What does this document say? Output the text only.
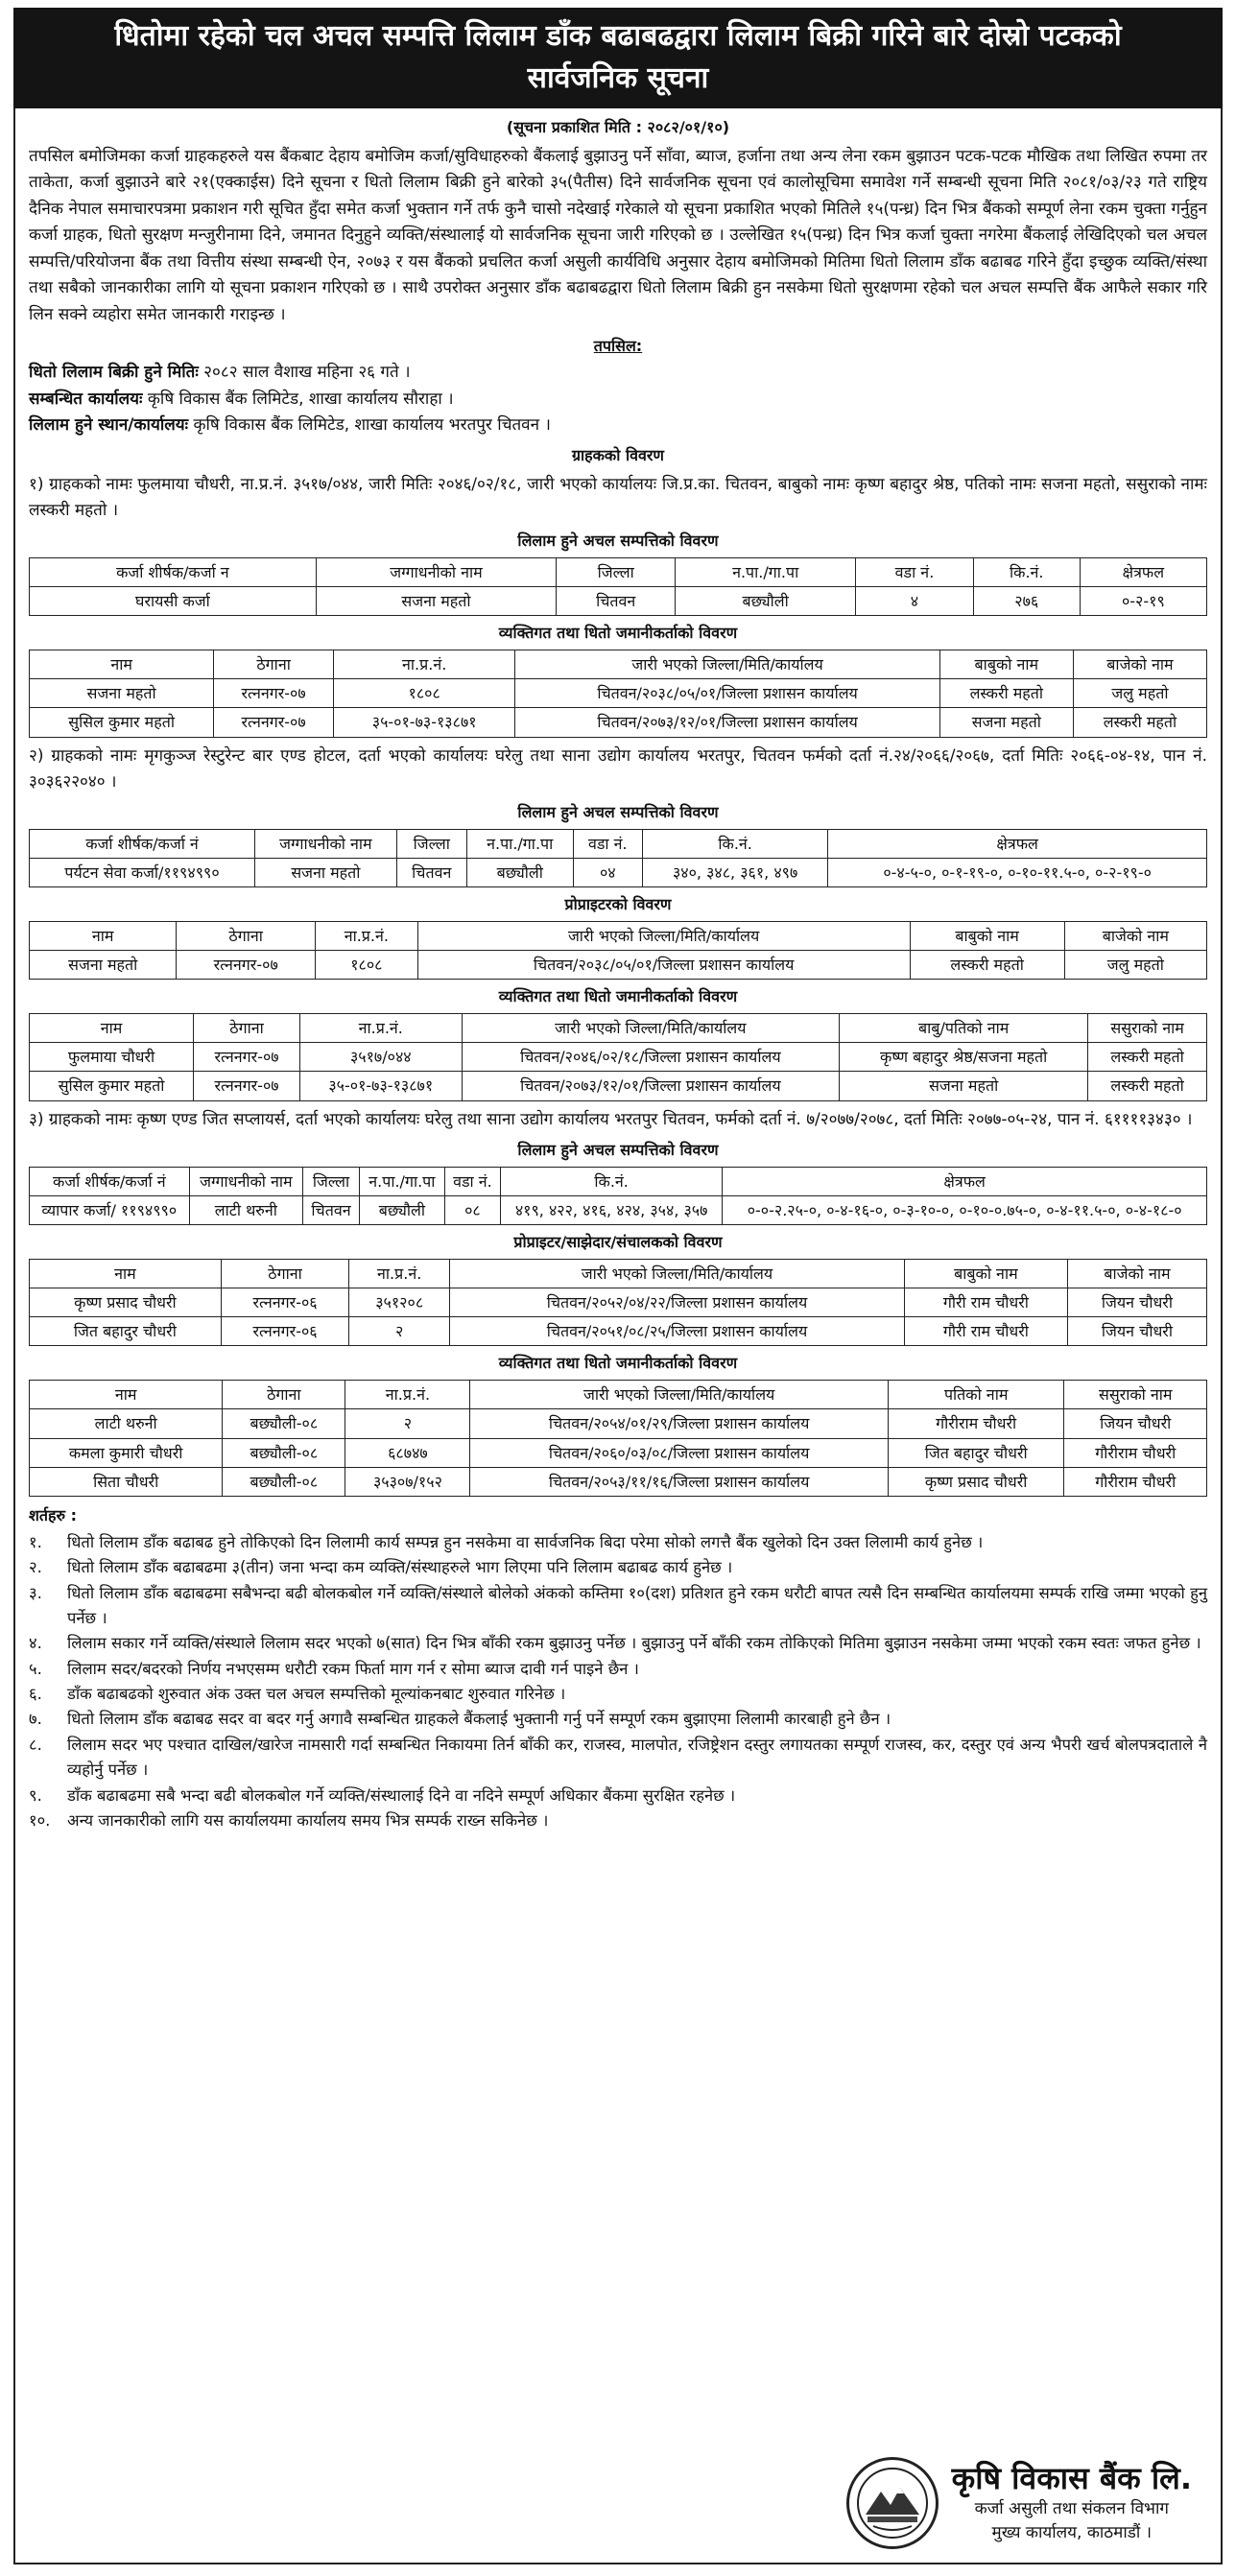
धितोमा रहेको चल अचल सम्पत्ति लिलाम डाँक बढाबढद्वारा लिलाम बिक्री गरिने बारे दोस्रो पटकको
सार्वजनिक सूचना
(सूचना प्रकाशित मिति : २०८२/०१/१०)
तपसिल बमोजिमका कर्जा ग्राहकहरुले यस बैंकबाट देहाय बमोजिम कर्जा/सुविधाहरुको बैंकलाई बुझाउनु पर्ने साँवा, ब्याज, हर्जाना तथा अन्य लेना रकम बुझाउन पटक-पटक मौखिक तथा लिखित रुपमा तर ताकेता, कर्जा बुझाउने बारे २१(एक्काईस) दिने सूचना र धितो लिलाम बिक्री हुने बारेको ३५(पैतीस) दिने सार्वजनिक सूचना एवं कालोसूचिमा समावेश गर्ने सम्बन्धी सूचना मिति २०८१/०३/२३ गते राष्ट्रिय दैनिक नेपाल समाचारपत्रमा प्रकाशन गरी सूचित हुँदा समेत कर्जा भुक्तान गर्ने तर्फ कुनै चासो नदेखाई गरेकाले यो सूचना प्रकाशित भएको मितिले १५(पन्ध्र) दिन भित्र बैंकको सम्पूर्ण लेना रकम चुक्ता गर्नुहुन कर्जा ग्राहक, धितो सुरक्षण मन्जुरीनामा दिने, जमानत दिनुहुने व्यक्ति/संस्थालाई यो सार्वजनिक सूचना जारी गरिएको छ । उल्लेखित १५(पन्ध्र) दिन भित्र कर्जा चुक्ता नगरेमा बैंकलाई लेखिदिएको चल अचल सम्पत्ति/परियोजना बैंक तथा वित्तीय संस्था सम्बन्धी ऐन, २०७३ र यस बैंकको प्रचलित कर्जा असुली कार्यविधि अनुसार देहाय बमोजिमको मितिमा धितो लिलाम डाँक बढाबढ गरिने हुँदा इच्छुक व्यक्ति/संस्था तथा सबैको जानकारीका लागि यो सूचना प्रकाशन गरिएको छ । साथै उपरोक्त अनुसार डाँक बढाबढद्वारा धितो लिलाम बिक्री हुन नसकेमा धितो सुरक्षणमा रहेको चल अचल सम्पत्ति बैंक आफैले सकार गरि लिन सक्ने व्यहोरा समेत जानकारी गराइन्छ ।
तपसिल:
धितो लिलाम बिक्री हुने मितिः २०८२ साल वैशाख महिना २६ गते ।
सम्बन्धित कार्यालयः कृषि विकास बैंक लिमिटेड, शाखा कार्यालय सौराहा ।
लिलाम हुने स्थान/कार्यालयः कृषि विकास बैंक लिमिटेड, शाखा कार्यालय भरतपुर चितवन ।
ग्राहकको विवरण
१) ग्राहकको नामः फुलमाया चौधरी, ना.प्र.नं. ३५१७/०४४, जारी मितिः २०४६/०२/१८, जारी भएको कार्यालयः जि.प्र.का. चितवन, बाबुको नामः कृष्ण बहादुर श्रेष्ठ, पतिको नामः सजना महतो, ससुराको नामः लस्करी महतो ।
लिलाम हुने अचल सम्पत्तिको विवरण
कर्जा शीर्षक/कर्जा न	जग्गाधनीको नाम	जिल्ला	न.पा./गा.पा	वडा नं.	कि.नं.	क्षेत्रफल
घरायसी कर्जा	सजना महतो	चितवन	बछ्यौली	४	२७६	०-२-१९
व्यक्तिगत तथा धितो जमानीकर्ताको विवरण
नाम	ठेगाना	ना.प्र.नं.	जारी भएको जिल्ला/मिति/कार्यालय	बाबुको नाम	बाजेको नाम
सजना महतो	रत्ननगर-०७	१८०८	चितवन/२०३८/०५/०१/जिल्ला प्रशासन कार्यालय	लस्करी महतो	जलु महतो
सुसिल कुमार महतो	रत्ननगर-०७	३५-०१-७३-१३८७१	चितवन/२०७३/१२/०१/जिल्ला प्रशासन कार्यालय	सजना महतो	लस्करी महतो
२) ग्राहकको नामः मृगकुञ्ज रेस्टुरेन्ट बार एण्ड होटल, दर्ता भएको कार्यालयः घरेलु तथा साना उद्योग कार्यालय भरतपुर, चितवन फर्मको दर्ता नं.२४/२०६६/२०६७, दर्ता मितिः २०६६-०४-१४, पान नं. ३०३६२२०४० ।
लिलाम हुने अचल सम्पत्तिको विवरण
कर्जा शीर्षक/कर्जा नं	जग्गाधनीको नाम	जिल्ला	न.पा./गा.पा	वडा नं.	कि.नं.	क्षेत्रफल
पर्यटन सेवा कर्जा/११९४९९०	सजना महतो	चितवन	बछ्यौली	०४	३४०, ३४८, ३६१, ४९७	०-४-५-०, ०-१-१९-०, ०-१०-११.५-०, ०-२-१९-०
प्रोप्राइटरको विवरण
नाम	ठेगाना	ना.प्र.नं.	जारी भएको जिल्ला/मिति/कार्यालय	बाबुको नाम	बाजेको नाम
सजना महतो	रत्ननगर-०७	१८०८	चितवन/२०३८/०५/०१/जिल्ला प्रशासन कार्यालय	लस्करी महतो	जलु महतो
व्यक्तिगत तथा धितो जमानीकर्ताको विवरण
नाम	ठेगाना	ना.प्र.नं.	जारी भएको जिल्ला/मिति/कार्यालय	बाबु/पतिको नाम	ससुराको नाम
फुलमाया चौधरी	रत्ननगर-०७	३५१७/०४४	चितवन/२०४६/०२/१८/जिल्ला प्रशासन कार्यालय	कृष्ण बहादुर श्रेष्ठ/सजना महतो	लस्करी महतो
सुसिल कुमार महतो	रत्ननगर-०७	३५-०१-७३-१३८७१	चितवन/२०७३/१२/०१/जिल्ला प्रशासन कार्यालय	सजना महतो	लस्करी महतो
३) ग्राहकको नामः कृष्ण एण्ड जित सप्लायर्स, दर्ता भएको कार्यालयः घरेलु तथा साना उद्योग कार्यालय भरतपुर चितवन, फर्मको दर्ता नं. ७/२०७७/२०७८, दर्ता मितिः २०७७-०५-२४, पान नं. ६११११३४३० ।
लिलाम हुने अचल सम्पत्तिको विवरण
कर्जा शीर्षक/कर्जा नं	जग्गाधनीको नाम	जिल्ला	न.पा./गा.पा	वडा नं.	कि.नं.	क्षेत्रफल
व्यापार कर्जा/ ११९४९९०	लाटी थरुनी	चितवन	बछ्यौली	०८	४१९, ४२२, ४१६, ४२४, ३५४, ३५७	०-०-२.२५-०, ०-४-१६-०, ०-३-१०-०, ०-१०-०.७५-०, ०-४-११.५-०, ०-४-१८-०
प्रोप्राइटर/साझेदार/संचालकको विवरण
नाम	ठेगाना	ना.प्र.नं.	जारी भएको जिल्ला/मिति/कार्यालय	बाबुको नाम	बाजेको नाम
कृष्ण प्रसाद चौधरी	रत्ननगर-०६	३५१२०८	चितवन/२०५२/०४/२२/जिल्ला प्रशासन कार्यालय	गौरी राम चौधरी	जियन चौधरी
जित बहादुर चौधरी	रत्ननगर-०६	२	चितवन/२०५१/०८/२५/जिल्ला प्रशासन कार्यालय	गौरी राम चौधरी	जियन चौधरी
व्यक्तिगत तथा धितो जमानीकर्ताको विवरण
नाम	ठेगाना	ना.प्र.नं.	जारी भएको जिल्ला/मिति/कार्यालय	पतिको नाम	ससुराको नाम
लाटी थरुनी	बछ्यौली-०८	२	चितवन/२०५४/०१/२९/जिल्ला प्रशासन कार्यालय	गौरीराम चौधरी	जियन चौधरी
कमला कुमारी चौधरी	बछ्यौली-०८	६८७४७	चितवन/२०६०/०३/०८/जिल्ला प्रशासन कार्यालय	जित बहादुर चौधरी	गौरीराम चौधरी
सिता चौधरी	बछ्यौली-०८	३५३०७/१५२	चितवन/२०५३/११/१६/जिल्ला प्रशासन कार्यालय	कृष्ण प्रसाद चौधरी	गौरीराम चौधरी
शर्तहरु :
१.	धितो लिलाम डाँक बढाबढ हुने तोकिएको दिन लिलामी कार्य सम्पन्न हुन नसकेमा वा सार्वजनिक बिदा परेमा सोको लगत्तै बैंक खुलेको दिन उक्त लिलामी कार्य हुनेछ ।
२.	धितो लिलाम डाँक बढाबढमा ३(तीन) जना भन्दा कम व्यक्ति/संस्थाहरुले भाग लिएमा पनि लिलाम बढाबढ कार्य हुनेछ ।
३.	धितो लिलाम डाँक बढाबढमा सबैभन्दा बढी बोलकबोल गर्ने व्यक्ति/संस्थाले बोलेको अंकको कम्तिमा १०(दश) प्रतिशत हुने रकम धरौटी बापत त्यसै दिन सम्बन्धित कार्यालयमा सम्पर्क राखि जम्मा भएको हुनु पर्नेछ ।
४.	लिलाम सकार गर्ने व्यक्ति/संस्थाले लिलाम सदर भएको ७(सात) दिन भित्र बाँकी रकम बुझाउनु पर्नेछ । बुझाउनु पर्ने बाँकी रकम तोकिएको मितिमा बुझाउन नसकेमा जम्मा भएको रकम स्वतः जफत हुनेछ ।
५.	लिलाम सदर/बदरको निर्णय नभएसम्म धरौटी रकम फिर्ता माग गर्न र सोमा ब्याज दावी गर्न पाइने छैन ।
६.	डाँक बढाबढको शुरुवात अंक उक्त चल अचल सम्पत्तिको मूल्यांकनबाट शुरुवात गरिनेछ ।
७.	धितो लिलाम डाँक बढाबढ सदर वा बदर गर्नु अगावै सम्बन्धित ग्राहकले बैंकलाई भुक्तानी गर्नु पर्ने सम्पूर्ण रकम बुझाएमा लिलामी कारबाही हुने छैन ।
८.	लिलाम सदर भए पश्चात दाखिल/खारेज नामसारी गर्दा सम्बन्धित निकायमा तिर्न बाँकी कर, राजस्व, मालपोत, रजिष्ट्रेशन दस्तुर लगायतका सम्पूर्ण राजस्व, कर, दस्तुर एवं अन्य भैपरी खर्च बोलपत्रदाताले नै व्यहोर्नु पर्नेछ ।
९.	डाँक बढाबढमा सबै भन्दा बढी बोलकबोल गर्ने व्यक्ति/संस्थालाई दिने वा नदिने सम्पूर्ण अधिकार बैंकमा सुरक्षित रहनेछ ।
१०.	अन्य जानकारीको लागि यस कार्यालयमा कार्यालय समय भित्र सम्पर्क राख्न सकिनेछ ।
कृषि विकास बैंक लि.
कर्जा असुली तथा संकलन विभाग
मुख्य कार्यालय, काठमाडौं ।
